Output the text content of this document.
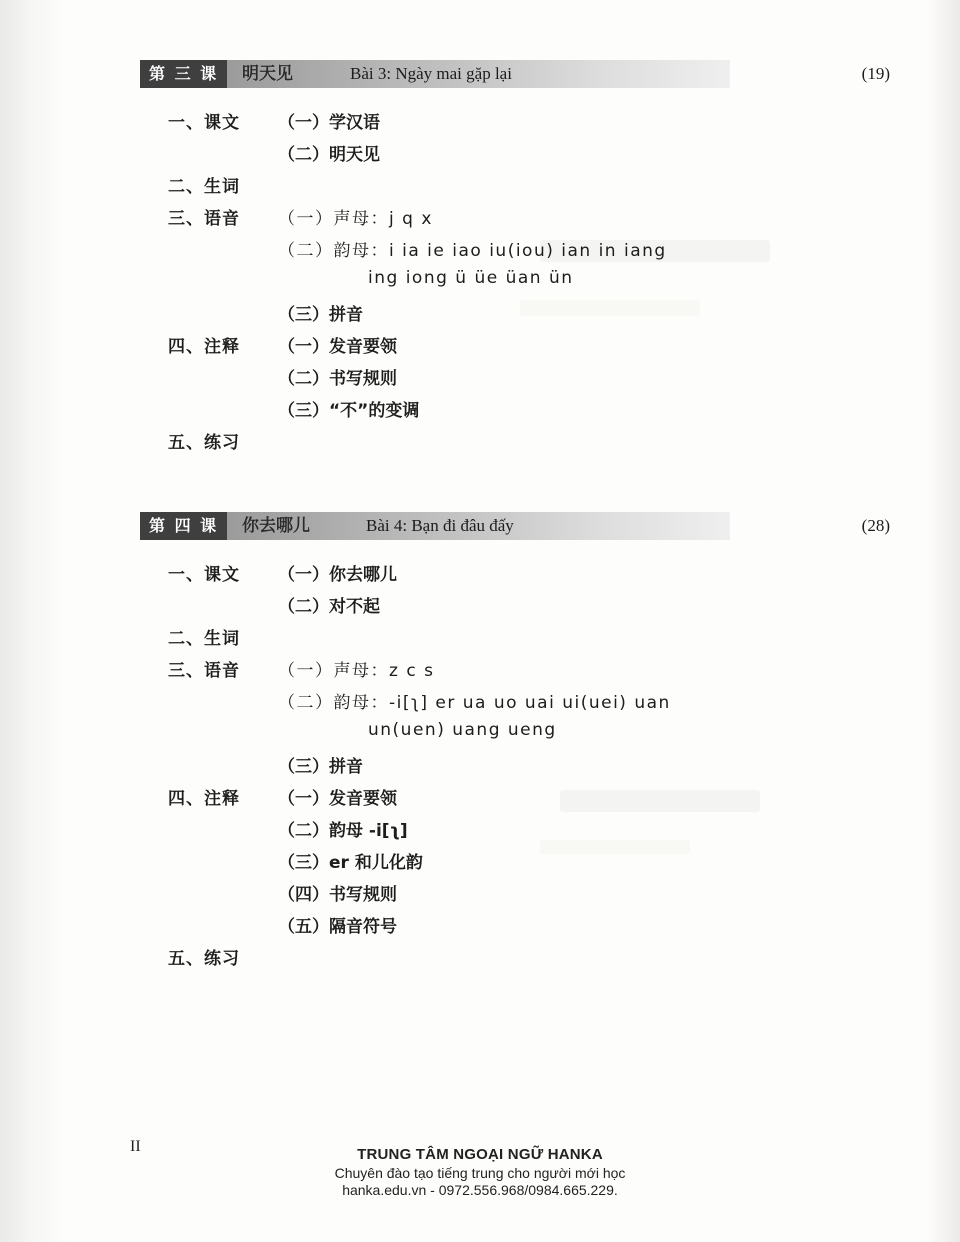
第 三 课	明天见	Bài 3: Ngày mai gặp lại	(19)
一、课文	（一）学汉语
（二）明天见
二、生词
三、语音	（一）声母：j q x
（二）韵母：i ia ie iao iu(iou) ian in iang
ing iong ü üe üan ün
（三）拼音
四、注释	（一）发音要领
（二）书写规则
（三）“不”的变调
五、练习
第 四 课	你去哪儿	Bài 4: Bạn đi đâu đấy	(28)
一、课文	（一）你去哪儿
（二）对不起
二、生词
三、语音	（一）声母：z c s
（二）韵母：-i[ʅ] er ua uo uai ui(uei) uan
un(uen) uang ueng
（三）拼音
四、注释	（一）发音要领
（二）韵母 -i[ʅ]
（三）er 和儿化韵
（四）书写规则
（五）隔音符号
五、练习
II	TRUNG TÂM NGOẠI NGỮ HANKA
Chuyên đào tạo tiếng trung cho người mới học
hanka.edu.vn - 0972.556.968/0984.665.229.
